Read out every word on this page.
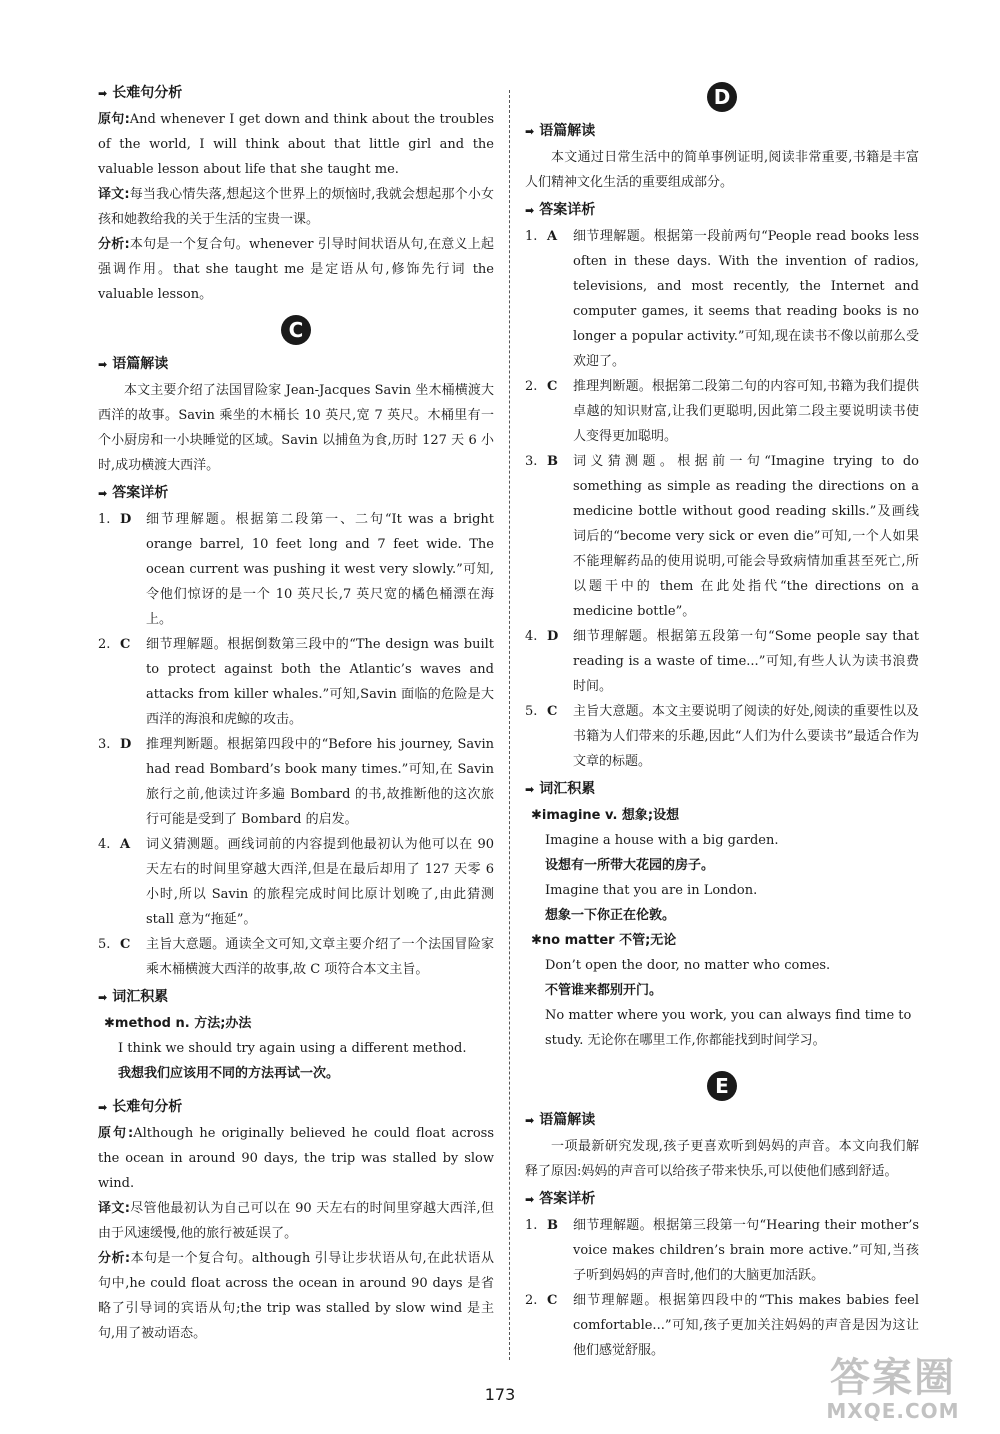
➡ 长难句分析

原句:And whenever I get down and think about the troubles of the world, I will think about that little girl and the valuable lesson about life that she taught me.

译文:每当我心情失落,想起这个世界上的烦恼时,我就会想起那个小女孩和她教给我的关于生活的宝贵一课。

分析:本句是一个复合句。whenever 引导时间状语从句,在意义上起强调作用。that she taught me 是定语从句,修饰先行词 the valuable lesson。

C
➡ 语篇解读

本文主要介绍了法国冒险家 Jean-Jacques Savin 坐木桶横渡大西洋的故事。Savin 乘坐的木桶长 10 英尺,宽 7 英尺。木桶里有一个小厨房和一小块睡觉的区域。Savin 以捕鱼为食,历时 127 天 6 小时,成功横渡大西洋。

➡ 答案详析
1. D	细节理解题。根据第二段第一、二句“It was a bright orange barrel, 10 feet long and 7 feet wide. The ocean current was pushing it west very slowly.”可知,令他们惊讶的是一个 10 英尺长,7 英尺宽的橘色桶漂在海上。
2. C	细节理解题。根据倒数第三段中的“The design was built to protect against both the Atlantic’s waves and attacks from killer whales.”可知,Savin 面临的危险是大西洋的海浪和虎鲸的攻击。
3. D	推理判断题。根据第四段中的“Before his journey, Savin had read Bombard’s book many times.”可知,在 Savin 旅行之前,他读过许多遍 Bombard 的书,故推断他的这次旅行可能是受到了 Bombard 的启发。
4. A	词义猜测题。画线词前的内容提到他最初认为他可以在 90 天左右的时间里穿越大西洋,但是在最后却用了 127 天零 6 小时,所以 Savin 的旅程完成时间比原计划晚了,由此猜测 stall 意为“拖延”。
5. C	主旨大意题。通读全文可知,文章主要介绍了一个法国冒险家乘木桶横渡大西洋的故事,故 C 项符合本文主旨。
➡ 词汇积累
✱method n. 方法;办法

I think we should try again using a different method.

我想我们应该用不同的方法再试一次。

➡ 长难句分析

原句:Although he originally believed he could float across the ocean in around 90 days, the trip was stalled by slow wind.

译文:尽管他最初认为自己可以在 90 天左右的时间里穿越大西洋,但由于风速缓慢,他的旅行被延误了。

分析:本句是一个复合句。although 引导让步状语从句,在此状语从句中,he could float across the ocean in around 90 days 是省略了引导词的宾语从句;the trip was stalled by slow wind 是主句,用了被动语态。

D
➡ 语篇解读

本文通过日常生活中的简单事例证明,阅读非常重要,书籍是丰富人们精神文化生活的重要组成部分。

➡ 答案详析
1. A	细节理解题。根据第一段前两句“People read books less often in these days. With the invention of radios, televisions, and most recently, the Internet and computer games, it seems that reading books is no longer a popular activity.”可知,现在读书不像以前那么受欢迎了。
2. C	推理判断题。根据第二段第二句的内容可知,书籍为我们提供卓越的知识财富,让我们更聪明,因此第二段主要说明读书使人变得更加聪明。
3. B	词义猜测题。根据前一句“Imagine trying to do something as simple as reading the directions on a medicine bottle without good reading skills.”及画线词后的“become very sick or even die”可知,一个人如果不能理解药品的使用说明,可能会导致病情加重甚至死亡,所以题干中的 them 在此处指代“the directions on a medicine bottle”。
4. D	细节理解题。根据第五段第一句“Some people say that reading is a waste of time...”可知,有些人认为读书浪费时间。
5. C	主旨大意题。本文主要说明了阅读的好处,阅读的重要性以及书籍为人们带来的乐趣,因此“人们为什么要读书”最适合作为文章的标题。
➡ 词汇积累
✱imagine v. 想象;设想

Imagine a house with a big garden.

设想有一所带大花园的房子。

Imagine that you are in London.

想象一下你正在伦敦。

✱no matter 不管;无论

Don’t open the door, no matter who comes.

不管谁来都别开门。

No matter where you work, you can always find time to study. 无论你在哪里工作,你都能找到时间学习。

E
➡ 语篇解读

一项最新研究发现,孩子更喜欢听到妈妈的声音。本文向我们解释了原因:妈妈的声音可以给孩子带来快乐,可以使他们感到舒适。

➡ 答案详析
1. B	细节理解题。根据第三段第一句“Hearing their mother’s voice makes children’s brain more active.”可知,当孩子听到妈妈的声音时,他们的大脑更加活跃。
2. C	细节理解题。根据第四段中的“This makes babies feel comfortable...”可知,孩子更加关注妈妈的声音是因为这让他们感觉舒服。
173	答案圈
MXQE.COM
